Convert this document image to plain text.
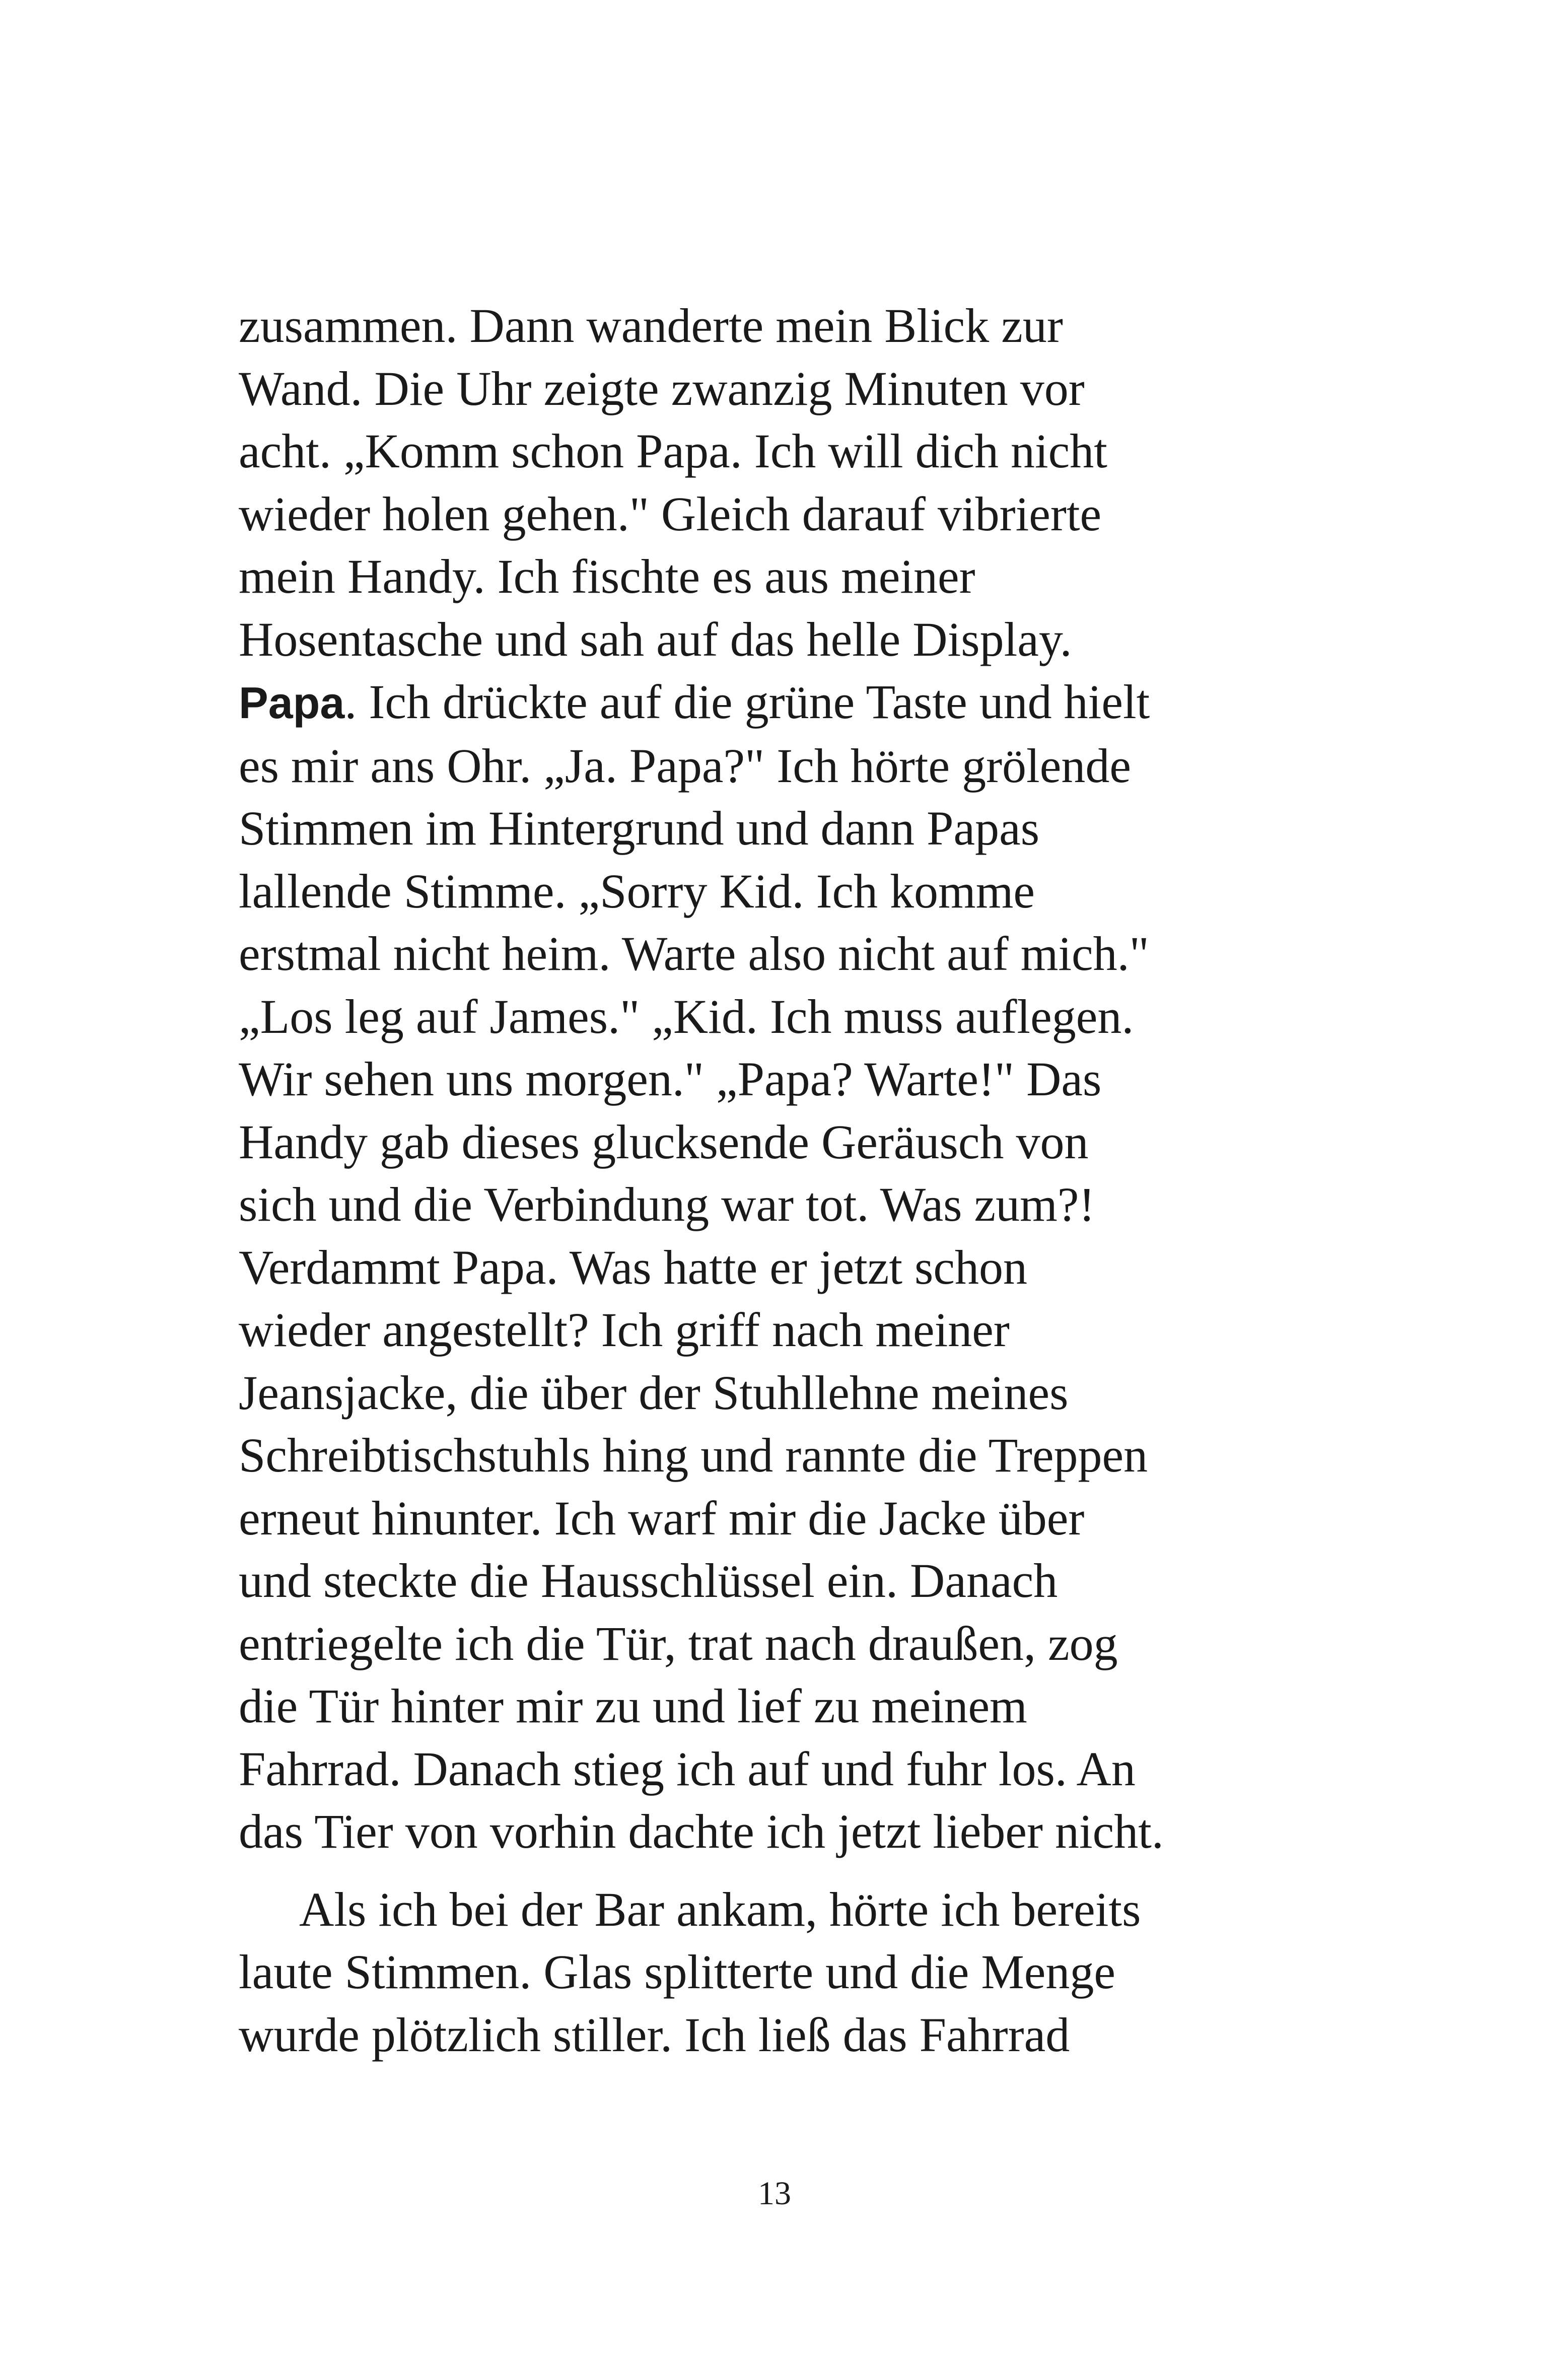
zusammen. Dann wanderte mein Blick zur
Wand. Die Uhr zeigte zwanzig Minuten vor
acht. „Komm schon Papa. Ich will dich nicht
wieder holen gehen." Gleich darauf vibrierte
mein Handy. Ich fischte es aus meiner
Hosentasche und sah auf das helle Display.
Papa. Ich drückte auf die grüne Taste und hielt
es mir ans Ohr. „Ja. Papa?" Ich hörte grölende
Stimmen im Hintergrund und dann Papas
lallende Stimme. „Sorry Kid. Ich komme
erstmal nicht heim. Warte also nicht auf mich."
„Los leg auf James." „Kid. Ich muss auflegen.
Wir sehen uns morgen." „Papa? Warte!" Das
Handy gab dieses glucksende Geräusch von
sich und die Verbindung war tot. Was zum?!
Verdammt Papa. Was hatte er jetzt schon
wieder angestellt? Ich griff nach meiner
Jeansjacke, die über der Stuhllehne meines
Schreibtischstuhls hing und rannte die Treppen
erneut hinunter. Ich warf mir die Jacke über
und steckte die Hausschlüssel ein. Danach
entriegelte ich die Tür, trat nach draußen, zog
die Tür hinter mir zu und lief zu meinem
Fahrrad. Danach stieg ich auf und fuhr los. An
das Tier von vorhin dachte ich jetzt lieber nicht.
Als ich bei der Bar ankam, hörte ich bereits
laute Stimmen. Glas splitterte und die Menge
wurde plötzlich stiller. Ich ließ das Fahrrad
13
